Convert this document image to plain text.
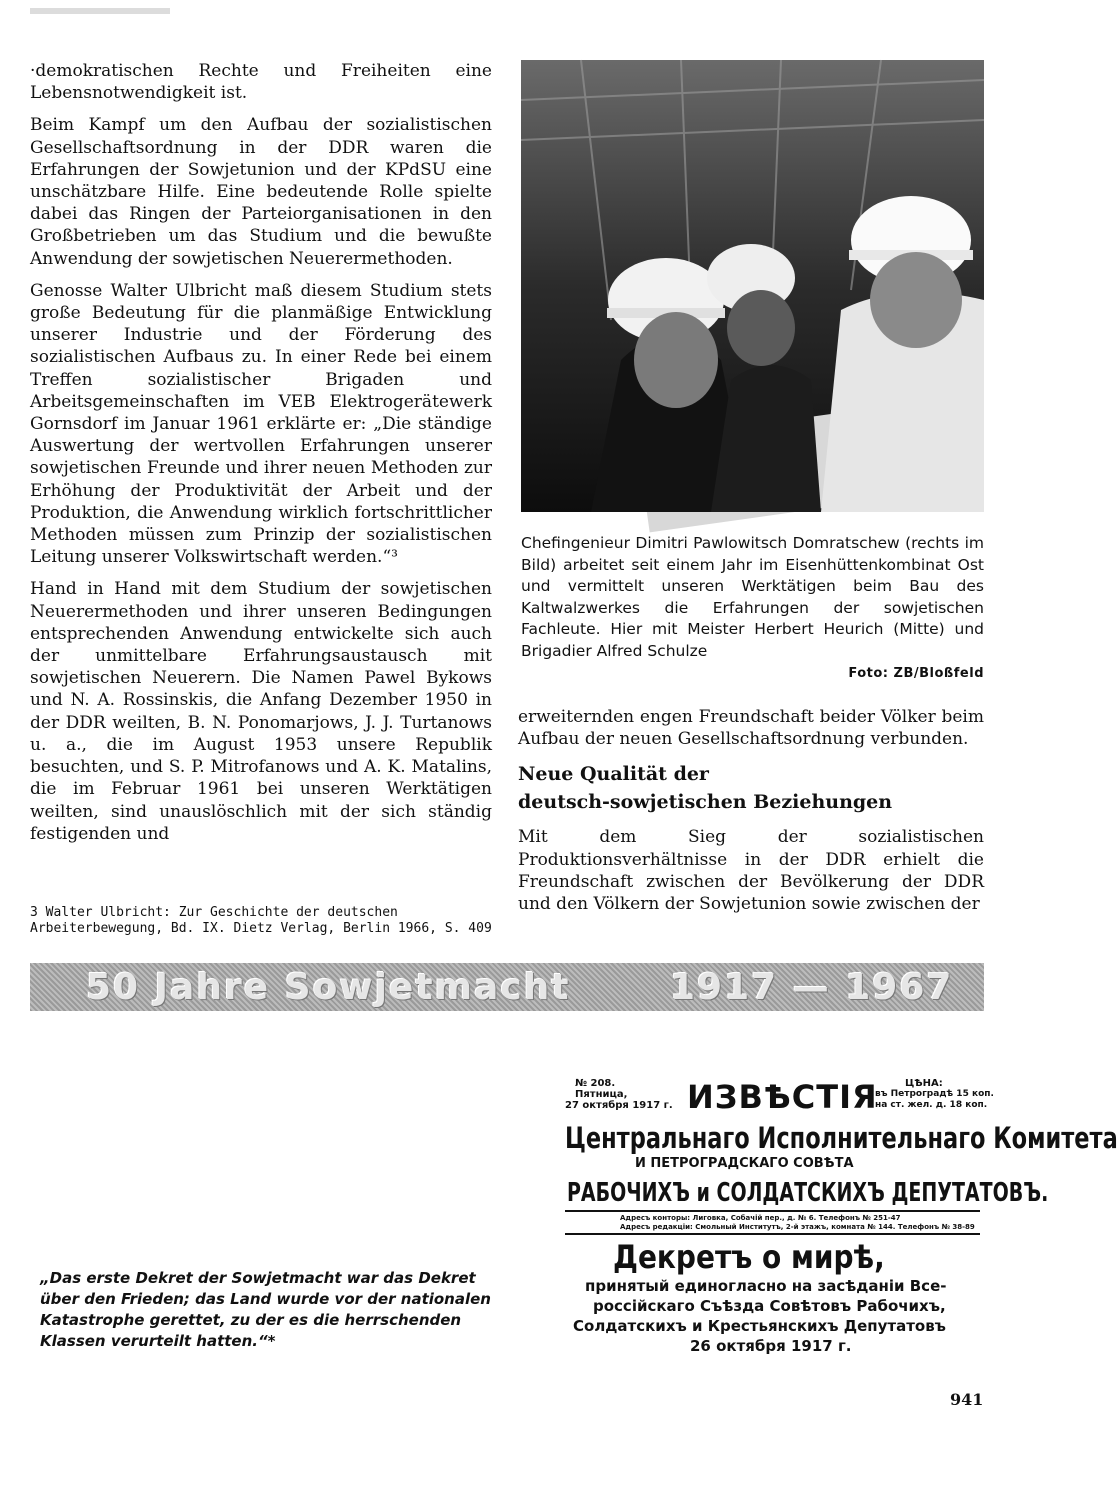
·demokratischen Rechte und Freiheiten eine Lebensnotwendigkeit ist.

Beim Kampf um den Aufbau der sozialistischen Gesellschaftsordnung in der DDR waren die Erfahrungen der Sowjetunion und der KPdSU eine unschätzbare Hilfe. Eine bedeutende Rolle spielte dabei das Ringen der Parteiorganisationen in den Großbetrieben um das Studium und die bewußte Anwendung der sowjetischen Neuerermethoden.

Genosse Walter Ulbricht maß diesem Studium stets große Bedeutung für die planmäßige Entwicklung unserer Industrie und der Förderung des sozialistischen Aufbaus zu. In einer Rede bei einem Treffen sozialistischer Brigaden und Arbeitsgemeinschaften im VEB Elektrogerätewerk Gornsdorf im Januar 1961 erklärte er: „Die ständige Auswertung der wertvollen Erfahrungen unserer sowjetischen Freunde und ihrer neuen Methoden zur Erhöhung der Produktivität der Arbeit und der Produktion, die Anwendung wirklich fortschrittlicher Methoden müssen zum Prinzip der sozialistischen Leitung unserer Volkswirtschaft werden.“³

Hand in Hand mit dem Studium der sowjetischen Neuerermethoden und ihrer unseren Bedingungen entsprechenden Anwendung entwickelte sich auch der unmittelbare Erfahrungsaustausch mit sowjetischen Neuerern. Die Namen Pawel Bykows und N. A. Rossinskis, die Anfang Dezember 1950 in der DDR weilten, B. N. Ponomarjows, J. J. Turtanows u. a., die im August 1953 unsere Republik besuchten, und S. P. Mitrofanows und A. K. Matalins, die im Februar 1961 bei unseren Werktätigen weilten, sind unauslöschlich mit der sich ständig festigenden und

3 Walter Ulbricht: Zur Geschichte der deutschen Arbeiterbewegung, Bd. IX. Dietz Verlag, Berlin 1966, S. 409
Chefingenieur Dimitri Pawlowitsch Domratschew (rechts im Bild) arbeitet seit einem Jahr im Eisenhüttenkombinat Ost und vermittelt unseren Werktätigen beim Bau des Kaltwalzwerkes die Erfahrungen der sowjetischen Fachleute. Hier mit Meister Herbert Heurich (Mitte) und Brigadier Alfred Schulze
Foto: ZB/Bloßfeld

erweiternden engen Freundschaft beider Völker beim Aufbau der neuen Gesellschaftsordnung verbunden.

Neue Qualität der
deutsch-sowjetischen Beziehungen

Mit dem Sieg der sozialistischen Produktionsverhältnisse in der DDR erhielt die Freundschaft zwischen der Bevölkerung der DDR und den Völkern der Sowjetunion sowie zwischen der

50 Jahre Sowjetmacht	1917 — 1967
„Das erste Dekret der Sowjetmacht war das Dekret über den Frieden; das Land wurde vor der nationalen Katastrophe gerettet, zu der es die herrschenden Klassen verurteilt hatten.“*
№ 208.
Пятница,
27 октября 1917 г. ИЗВѢСТІЯ	ЦѢНА:
въ Петроградѣ 15 коп.
на ст. жел. д. 18 коп.
Центральнаго Исполнительнаго Комитета
И ПЕТРОГРАДСКАГО СОВѢТА
РАБОЧИХЪ и СОЛДАТСКИХЪ ДЕПУТАТОВЪ.
Адресъ конторы: Лиговка, Собачій пер., д. № 6. Телефонъ № 251-47
Адресъ редакціи: Смольный Институтъ, 2-й этажъ, комната № 144. Телефонъ № 38-89
Декретъ о мирѣ,
принятый единогласно на засѣданіи Все-
россійскаго Съѣзда Совѣтовъ Рабочихъ,
Солдатскихъ и Крестьянскихъ Депутатовъ
26 октября 1917 г.
941
